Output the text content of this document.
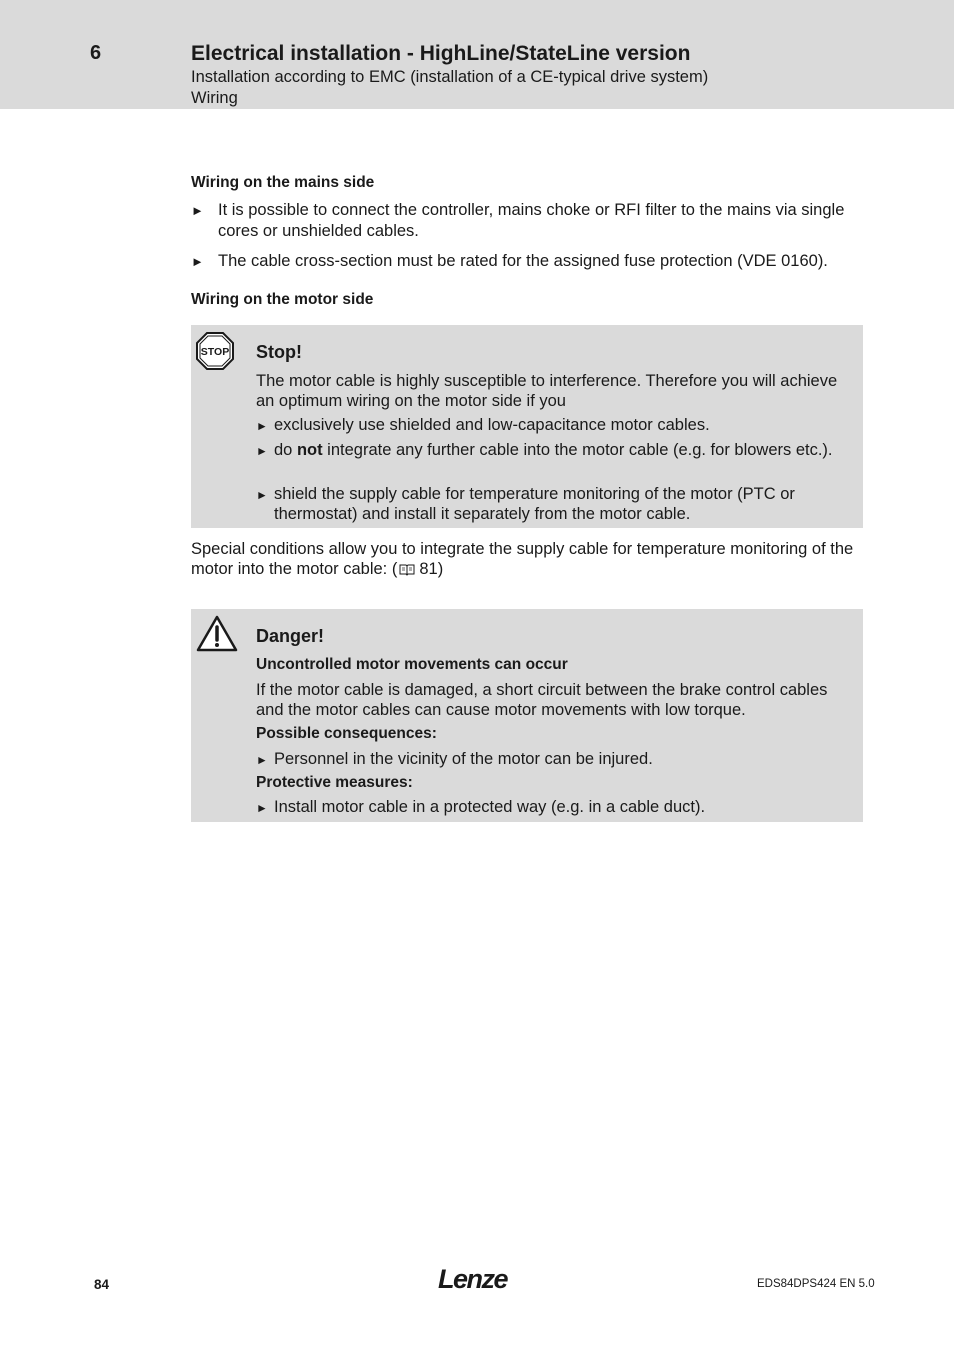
6	Electrical installation - HighLine/StateLine version
Installation according to EMC (installation of a CE-typical drive system)
Wiring
Wiring on the mains side
► It is possible to connect the controller, mains choke or RFI filter to the mains via single cores or unshielded cables.
► The cable cross-section must be rated for the assigned fuse protection (VDE 0160).
Wiring on the motor side
STOP Stop!
The motor cable is highly susceptible to interference. Therefore you will achieve an optimum wiring on the motor side if you
► exclusively use shielded and low-capacitance motor cables.
► do not integrate any further cable into the motor cable (e.g. for blowers etc.).
► shield the supply cable for temperature monitoring of the motor (PTC or thermostat) and install it separately from the motor cable.
Special conditions allow you to integrate the supply cable for temperature monitoring of the motor into the motor cable: ( 81)
Danger!
Uncontrolled motor movements can occur
If the motor cable is damaged, a short circuit between the brake control cables and the motor cables can cause motor movements with low torque.
Possible consequences:
► Personnel in the vicinity of the motor can be injured.
Protective measures:
► Install motor cable in a protected way (e.g. in a cable duct).
84	Lenze	EDS84DPS424 EN 5.0
